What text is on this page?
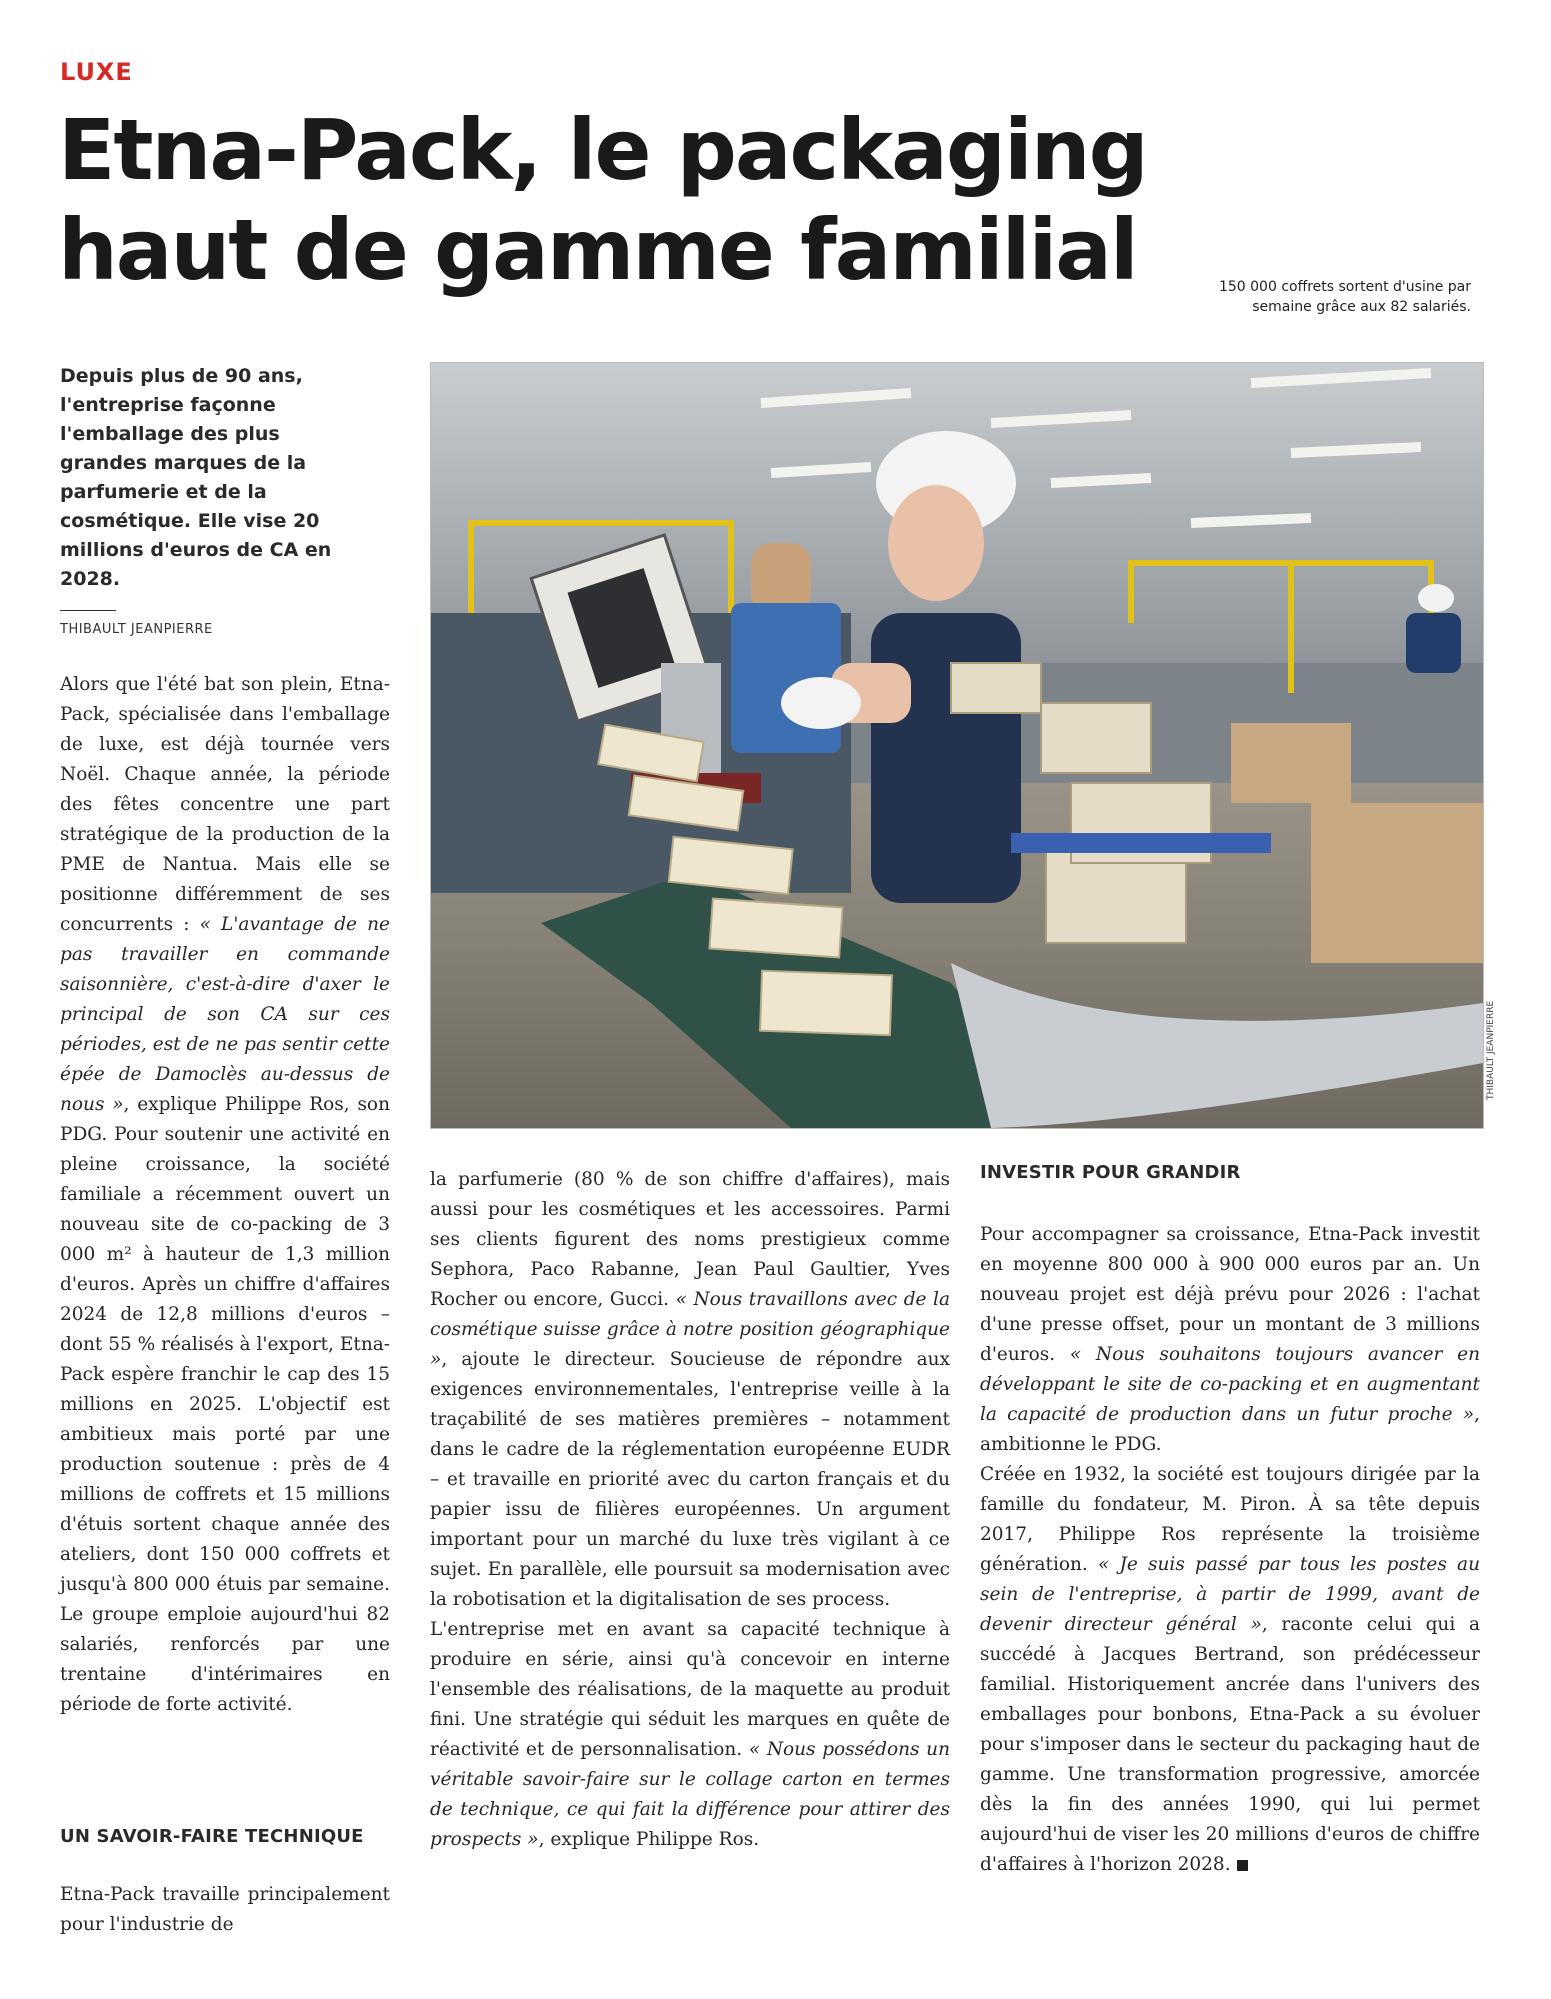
LUXE
Etna-Pack, le packaging haut de gamme familial	150 000 coffrets sortent d'usine par semaine grâce aux 82 salariés.

Depuis plus de 90 ans, l'entreprise façonne l'emballage des plus grandes marques de la parfumerie et de la cosmétique. Elle vise 20 millions d'euros de CA en 2028.

THIBAULT JEANPIERRE
THIBAULT JEANPIERRE

Alors que l'été bat son plein, Etna-Pack, spécialisée dans l'emballage de luxe, est déjà tournée vers Noël. Chaque année, la période des fêtes concentre une part stratégique de la production de la PME de Nantua. Mais elle se positionne différemment de ses concurrents : « L'avantage de ne pas travailler en commande saisonnière, c'est-à-dire d'axer le principal de son CA sur ces périodes, est de ne pas sentir cette épée de Damoclès au-dessus de nous », explique Philippe Ros, son PDG. Pour soutenir une activité en pleine croissance, la société familiale a récemment ouvert un nouveau site de co-packing de 3 000 m² à hauteur de 1,3 million d'euros. Après un chiffre d'affaires 2024 de 12,8 millions d'euros – dont 55 % réalisés à l'export, Etna-Pack espère franchir le cap des 15 millions en 2025. L'objectif est ambitieux mais porté par une production soutenue : près de 4 millions de coffrets et 15 millions d'étuis sortent chaque année des ateliers, dont 150 000 coffrets et jusqu'à 800 000 étuis par semaine. Le groupe emploie aujourd'hui 82 salariés, renforcés par une trentaine d'intérimaires en période de forte activité.

UN SAVOIR-FAIRE TECHNIQUE
Etna-Pack travaille principalement pour l'industrie de

la parfumerie (80 % de son chiffre d'affaires), mais aussi pour les cosmétiques et les accessoires. Parmi ses clients figurent des noms prestigieux comme Sephora, Paco Rabanne, Jean Paul Gaultier, Yves Rocher ou encore, Gucci. « Nous travaillons avec de la cosmétique suisse grâce à notre position géographique », ajoute le directeur. Soucieuse de répondre aux exigences environnementales, l'entreprise veille à la traçabilité de ses matières premières – notamment dans le cadre de la réglementation européenne EUDR – et travaille en priorité avec du carton français et du papier issu de filières européennes. Un argument important pour un marché du luxe très vigilant à ce sujet. En parallèle, elle poursuit sa modernisation avec la robotisation et la digitalisation de ses process.

L'entreprise met en avant sa capacité technique à produire en série, ainsi qu'à concevoir en interne l'ensemble des réalisations, de la maquette au produit fini. Une stratégie qui séduit les marques en quête de réactivité et de personnalisation. « Nous possédons un véritable savoir-faire sur le collage carton en termes de technique, ce qui fait la différence pour attirer des prospects », explique Philippe Ros.

INVESTIR POUR GRANDIR

Pour accompagner sa croissance, Etna-Pack investit en moyenne 800 000 à 900 000 euros par an. Un nouveau projet est déjà prévu pour 2026 : l'achat d'une presse offset, pour un montant de 3 millions d'euros. « Nous souhaitons toujours avancer en développant le site de co-packing et en augmentant la capacité de production dans un futur proche », ambitionne le PDG.

Créée en 1932, la société est toujours dirigée par la famille du fondateur, M. Piron. À sa tête depuis 2017, Philippe Ros représente la troisième génération. « Je suis passé par tous les postes au sein de l'entreprise, à partir de 1999, avant de devenir directeur général », raconte celui qui a succédé à Jacques Bertrand, son prédécesseur familial. Historiquement ancrée dans l'univers des emballages pour bonbons, Etna-Pack a su évoluer pour s'imposer dans le secteur du packaging haut de gamme. Une transformation progressive, amorcée dès la fin des années 1990, qui lui permet aujourd'hui de viser les 20 millions d'euros de chiffre d'affaires à l'horizon 2028.
